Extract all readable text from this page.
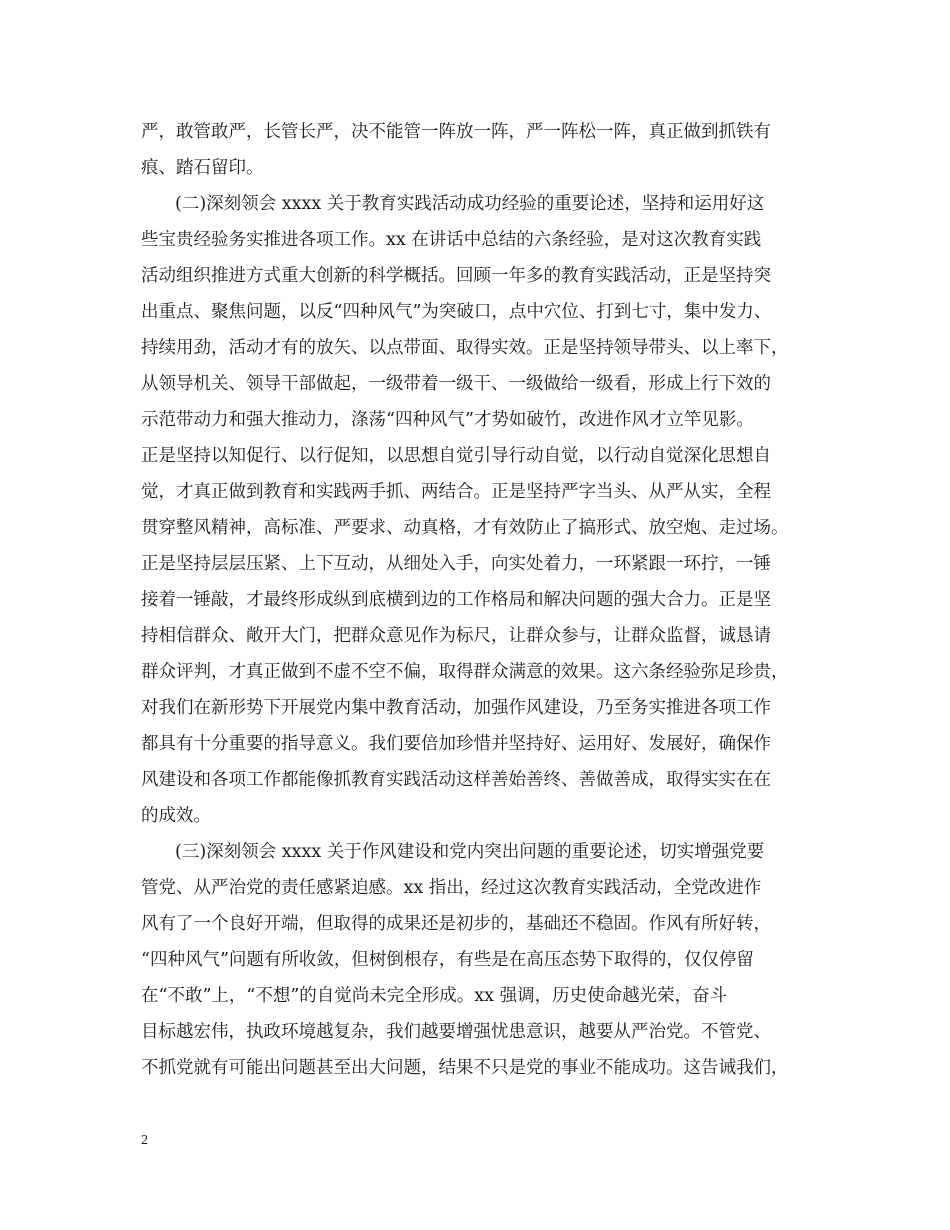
严，敢管敢严，长管长严，决不能管一阵放一阵，严一阵松一阵，真正做到抓铁有
痕、踏石留印。
(二)深刻领会 xxxx 关于教育实践活动成功经验的重要论述，坚持和运用好这
些宝贵经验务实推进各项工作。xx 在讲话中总结的六条经验，是对这次教育实践
活动组织推进方式重大创新的科学概括。回顾一年多的教育实践活动，正是坚持突
出重点、聚焦问题，以反“四种风气”为突破口，点中穴位、打到七寸，集中发力、
持续用劲，活动才有的放矢、以点带面、取得实效。正是坚持领导带头、以上率下，
从领导机关、领导干部做起，一级带着一级干、一级做给一级看，形成上行下效的
示范带动力和强大推动力，涤荡“四种风气”才势如破竹，改进作风才立竿见影。
正是坚持以知促行、以行促知，以思想自觉引导行动自觉，以行动自觉深化思想自
觉，才真正做到教育和实践两手抓、两结合。正是坚持严字当头、从严从实，全程
贯穿整风精神，高标准、严要求、动真格，才有效防止了搞形式、放空炮、走过场。
正是坚持层层压紧、上下互动，从细处入手，向实处着力，一环紧跟一环拧，一锤
接着一锤敲，才最终形成纵到底横到边的工作格局和解决问题的强大合力。正是坚
持相信群众、敞开大门，把群众意见作为标尺，让群众参与，让群众监督，诚恳请
群众评判，才真正做到不虚不空不偏，取得群众满意的效果。这六条经验弥足珍贵，
对我们在新形势下开展党内集中教育活动，加强作风建设，乃至务实推进各项工作
都具有十分重要的指导意义。我们要倍加珍惜并坚持好、运用好、发展好，确保作
风建设和各项工作都能像抓教育实践活动这样善始善终、善做善成，取得实实在在
的成效。
(三)深刻领会 xxxx 关于作风建设和党内突出问题的重要论述，切实增强党要
管党、从严治党的责任感紧迫感。xx 指出，经过这次教育实践活动，全党改进作
风有了一个良好开端，但取得的成果还是初步的，基础还不稳固。作风有所好转，
“四种风气”问题有所收敛，但树倒根存，有些是在高压态势下取得的，仅仅停留
在“不敢”上，“不想”的自觉尚未完全形成。xx 强调，历史使命越光荣，奋斗
目标越宏伟，执政环境越复杂，我们越要增强忧患意识，越要从严治党。不管党、
不抓党就有可能出问题甚至出大问题，结果不只是党的事业不能成功。这告诫我们，
2
